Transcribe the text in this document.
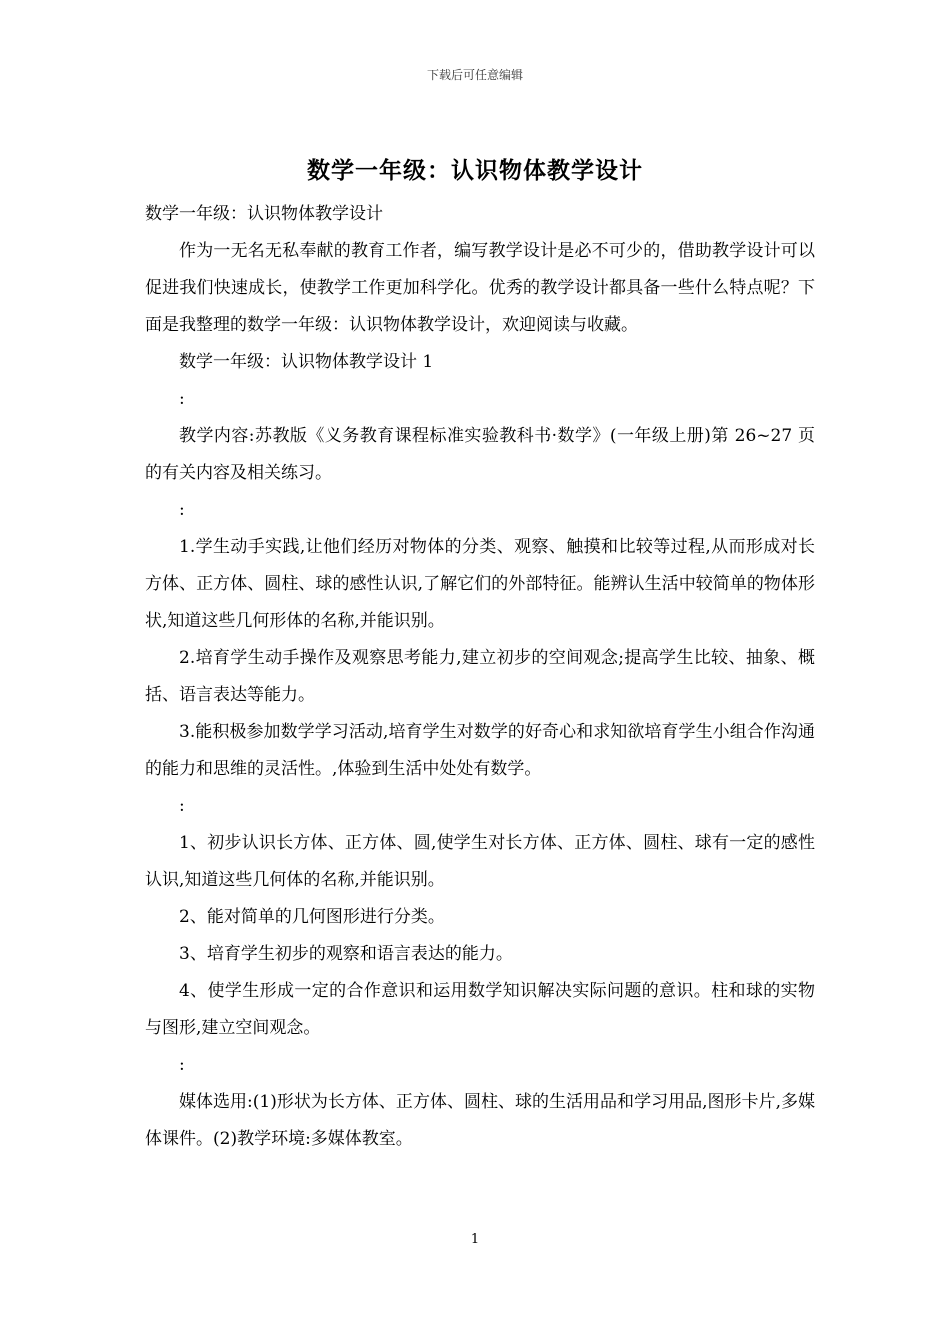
下载后可任意编辑
数学一年级：认识物体教学设计

数学一年级：认识物体教学设计

作为一无名无私奉献的教育工作者，编写教学设计是必不可少的，借助教学设计可以促进我们快速成长，使教学工作更加科学化。优秀的教学设计都具备一些什么特点呢？下面是我整理的数学一年级：认识物体教学设计，欢迎阅读与收藏。

数学一年级：认识物体教学设计 1

:

教学内容:苏教版《义务教育课程标准实验教科书·数学》(一年级上册)第 26~27 页的有关内容及相关练习。

:

1.学生动手实践,让他们经历对物体的分类、观察、触摸和比较等过程,从而形成对长方体、正方体、圆柱、球的感性认识,了解它们的外部特征。能辨认生活中较简单的物体形状,知道这些几何形体的名称,并能识别。

2.培育学生动手操作及观察思考能力,建立初步的空间观念;提高学生比较、抽象、概括、语言表达等能力。

3.能积极参加数学学习活动,培育学生对数学的好奇心和求知欲培育学生小组合作沟通的能力和思维的灵活性。,体验到生活中处处有数学。

:

1、初步认识长方体、正方体、圆,使学生对长方体、正方体、圆柱、球有一定的感性认识,知道这些几何体的名称,并能识别。

2、能对简单的几何图形进行分类。

3、培育学生初步的观察和语言表达的能力。

4、使学生形成一定的合作意识和运用数学知识解决实际问题的意识。柱和球的实物与图形,建立空间观念。

:

媒体选用:(1)形状为长方体、正方体、圆柱、球的生活用品和学习用品,图形卡片,多媒体课件。(2)教学环境:多媒体教室。

1
